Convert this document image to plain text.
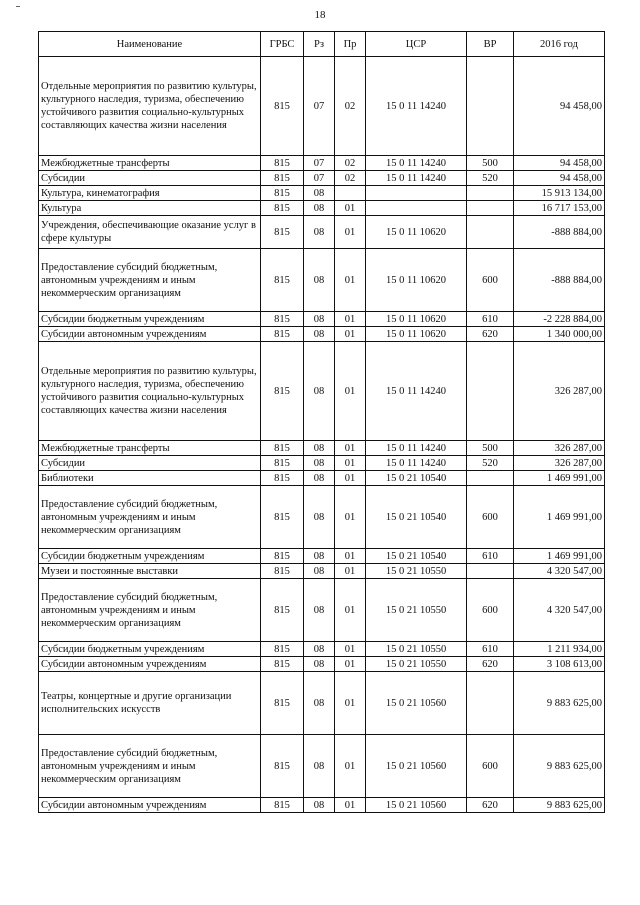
18
Наименование	ГРБС	Рз	Пр	ЦСР	ВР	2016 год
Отдельные мероприятия по развитию культуры, культурного наследия, туризма, обеспечению устойчивого развития социально-культурных составляющих качества жизни населения	815	07	02	15 0 11 14240		94 458,00
Межбюджетные трансферты	815	07	02	15 0 11 14240	500	94 458,00
Субсидии	815	07	02	15 0 11 14240	520	94 458,00
Культура, кинематография	815	08				15 913 134,00
Культура	815	08	01			16 717 153,00
Учреждения, обеспечивающие оказание услуг в сфере культуры	815	08	01	15 0 11 10620		-888 884,00
Предоставление субсидий бюджетным, автономным учреждениям и иным некоммерческим организациям	815	08	01	15 0 11 10620	600	-888 884,00
Субсидии бюджетным учреждениям	815	08	01	15 0 11 10620	610	-2 228 884,00
Субсидии автономным учреждениям	815	08	01	15 0 11 10620	620	1 340 000,00
Отдельные мероприятия по развитию культуры, культурного наследия, туризма, обеспечению устойчивого развития социально-культурных составляющих качества жизни населения	815	08	01	15 0 11 14240		326 287,00
Межбюджетные трансферты	815	08	01	15 0 11 14240	500	326 287,00
Субсидии	815	08	01	15 0 11 14240	520	326 287,00
Библиотеки	815	08	01	15 0 21 10540		1 469 991,00
Предоставление субсидий бюджетным, автономным учреждениям и иным некоммерческим организациям	815	08	01	15 0 21 10540	600	1 469 991,00
Субсидии бюджетным учреждениям	815	08	01	15 0 21 10540	610	1 469 991,00
Музеи и постоянные выставки	815	08	01	15 0 21 10550		4 320 547,00
Предоставление субсидий бюджетным, автономным учреждениям и иным некоммерческим организациям	815	08	01	15 0 21 10550	600	4 320 547,00
Субсидии бюджетным учреждениям	815	08	01	15 0 21 10550	610	1 211 934,00
Субсидии автономным учреждениям	815	08	01	15 0 21 10550	620	3 108 613,00
Театры, концертные и другие организации исполнительских искусств	815	08	01	15 0 21 10560		9 883 625,00
Предоставление субсидий бюджетным, автономным учреждениям и иным некоммерческим организациям	815	08	01	15 0 21 10560	600	9 883 625,00
Субсидии автономным учреждениям	815	08	01	15 0 21 10560	620	9 883 625,00
